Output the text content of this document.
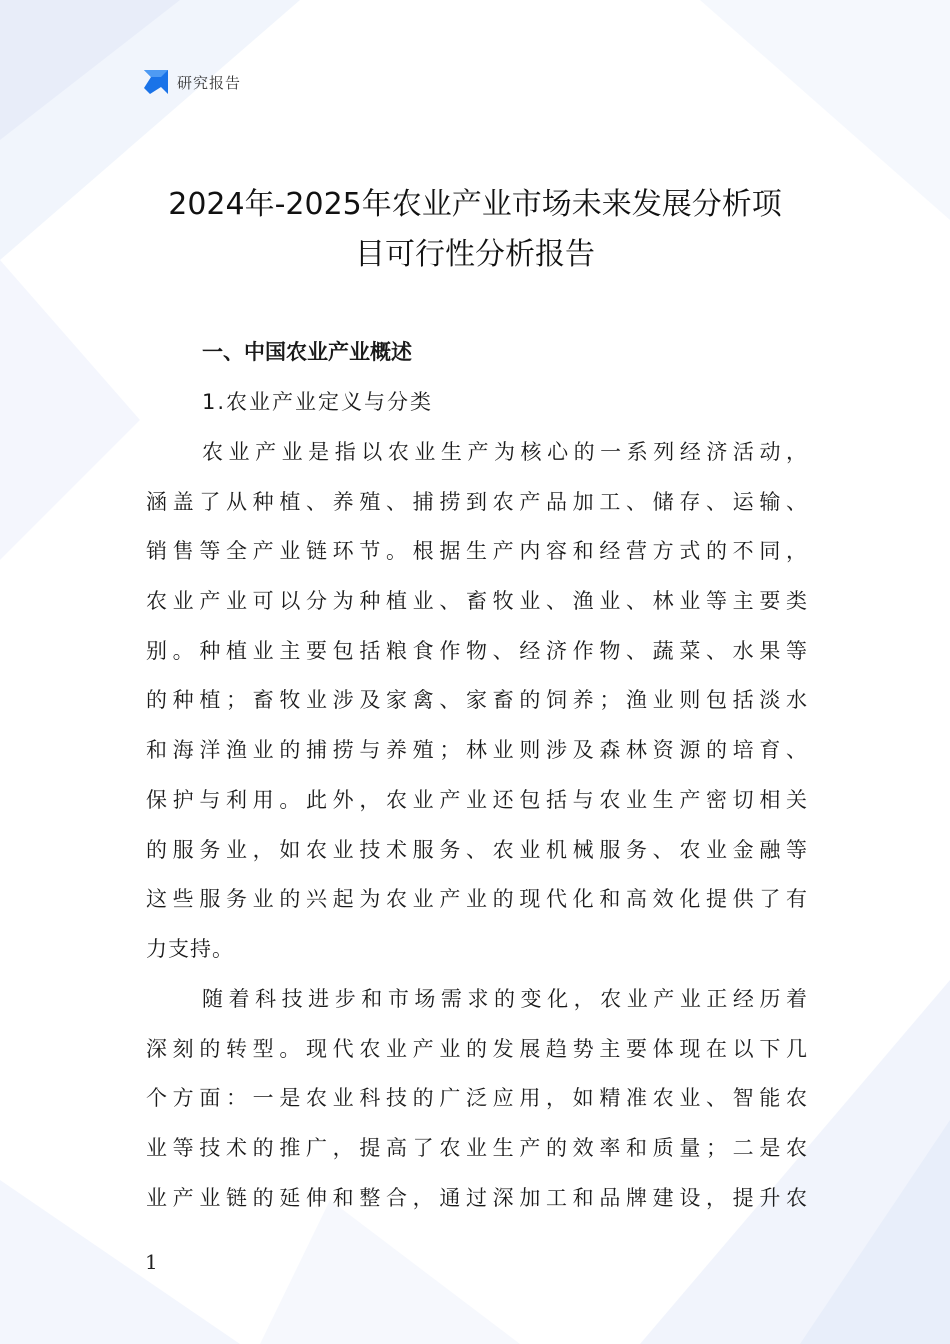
研究报告
2024年-2025年农业产业市场未来发展分析项
目可行性分析报告
一、中国农业产业概述
1.农业产业定义与分类
农业产业是指以农业生产为核心的一系列经济活动，
涵盖了从种植、养殖、捕捞到农产品加工、储存、运输、
销售等全产业链环节。根据生产内容和经营方式的不同，
农业产业可以分为种植业、畜牧业、渔业、林业等主要类
别。种植业主要包括粮食作物、经济作物、蔬菜、水果等
的种植；畜牧业涉及家禽、家畜的饲养；渔业则包括淡水
和海洋渔业的捕捞与养殖；林业则涉及森林资源的培育、
保护与利用。此外，农业产业还包括与农业生产密切相关
的服务业，如农业技术服务、农业机械服务、农业金融等
这些服务业的兴起为农业产业的现代化和高效化提供了有
力支持。
随着科技进步和市场需求的变化，农业产业正经历着
深刻的转型。现代农业产业的发展趋势主要体现在以下几
个方面：一是农业科技的广泛应用，如精准农业、智能农
业等技术的推广，提高了农业生产的效率和质量；二是农
业产业链的延伸和整合，通过深加工和品牌建设，提升农
1
